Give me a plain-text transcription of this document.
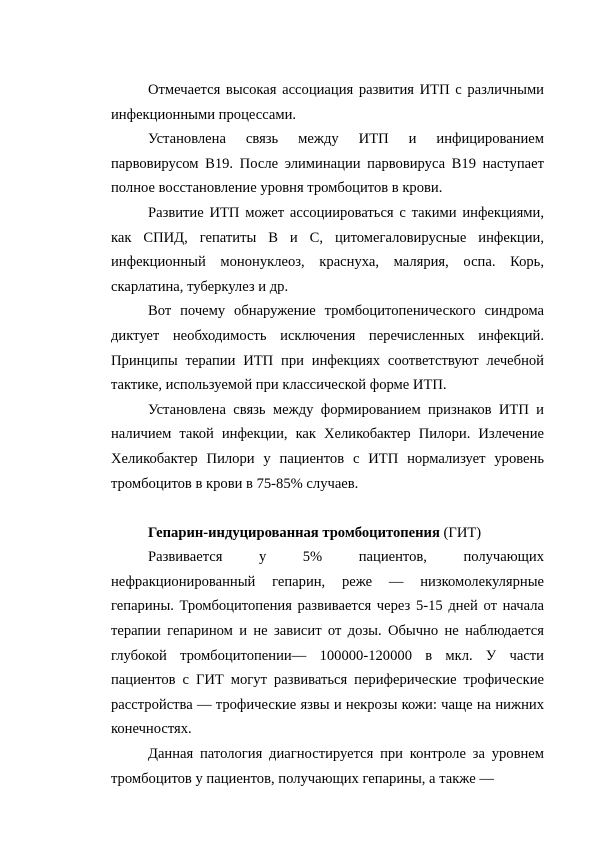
Отмечается высокая ассоциация развития ИТП с различными инфекционными процессами.

Установлена связь между ИТП и инфицированием парвовирусом В19. После элиминации парвовируса В19 наступает полное восстановление уровня тромбоцитов в крови.

Развитие ИТП может ассоциироваться с такими инфекциями, как СПИД, гепатиты В и С, цитомегаловирусные инфекции, инфекционный мононуклеоз, краснуха, малярия, оспа. Корь, скарлатина, туберкулез и др.

Вот почему обнаружение тромбоцитопенического синдрома диктует необходимость исключения перечисленных инфекций. Принципы терапии ИТП при инфекциях соответствуют лечебной тактике, используемой при классической форме ИТП.

Установлена связь между формированием признаков ИТП и наличием такой инфекции, как Хеликобактер Пилори. Излечение Хеликобактер Пилори у пациентов с ИТП нормализует уровень тромбоцитов в крови в 75-85% случаев.

Гепарин-индуцированная тромбоцитопения (ГИТ)

Развивается у 5% пациентов, получающих нефракционированный гепарин, реже — низкомолекулярные гепарины. Тромбоцитопения развивается через 5-15 дней от начала терапии гепарином и не зависит от дозы. Обычно не наблюдается глубокой тромбоцитопении— 100000-120000 в мкл. У части пациентов с ГИТ могут развиваться периферические трофические расстройства — трофические язвы и некрозы кожи: чаще на нижних конечностях.

Данная патология диагностируется при контроле за уровнем тромбоцитов у пациентов, получающих гепарины, а также —
